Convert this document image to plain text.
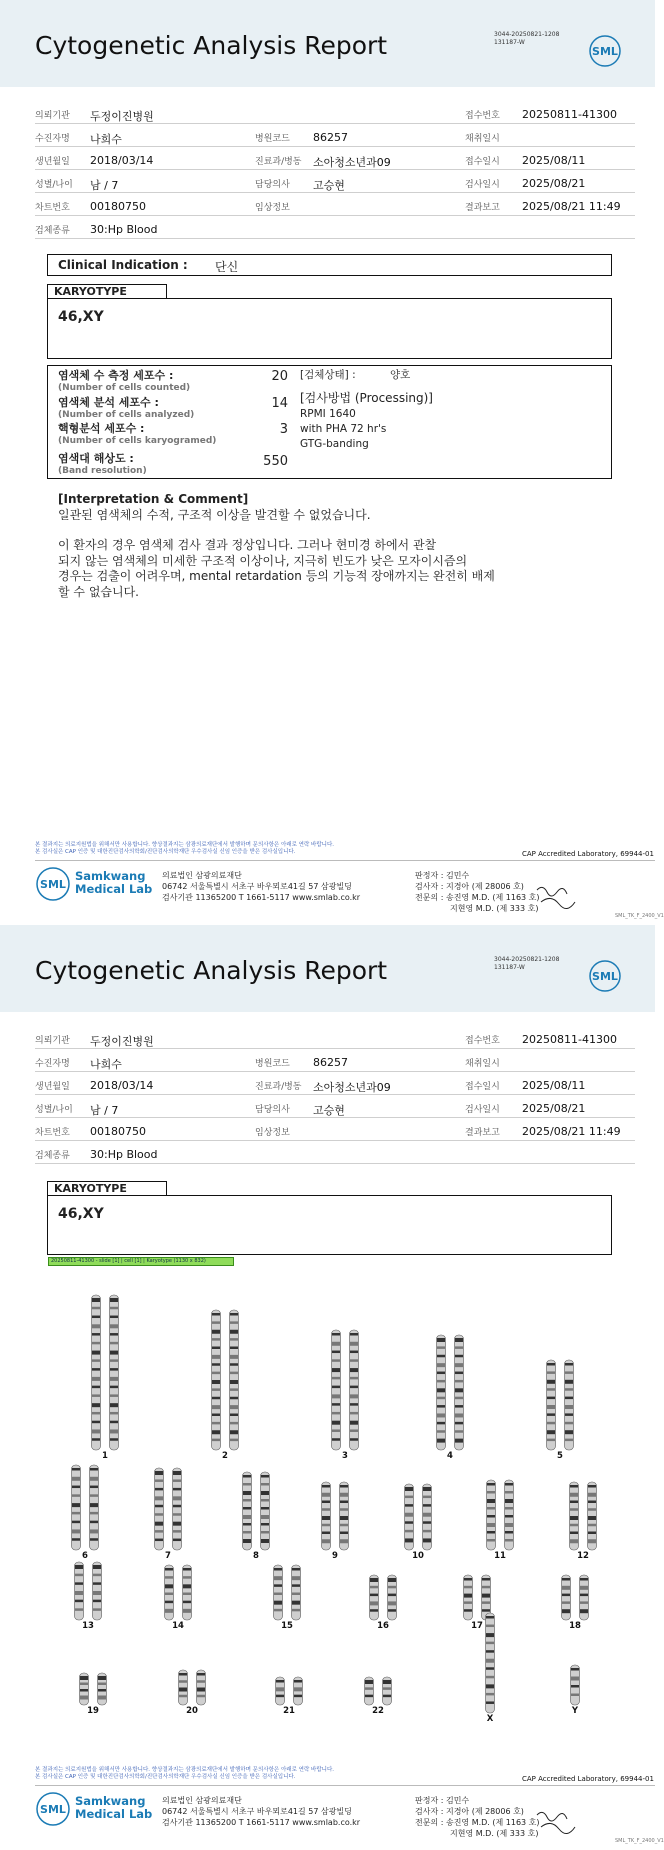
Cytogenetic Analysis Report	3044-20250821-1208
131187-W
SML
의뢰기관 두정이진병원	접수번호 20250811-41300
수진자명 나희수	병원코드 86257	채취일시
생년월일 2018/03/14	진료과/병동 소아청소년과09	접수일시 2025/08/11
성별/나이 남 / 7	담당의사 고승현	검사일시 2025/08/21
차트번호 00180750	임상정보	결과보고 2025/08/21 11:49
검체종류 30:Hp Blood
Clinical Indication : 단신
KARYOTYPE
46,XY
염색체 수 측정 세포수 :
(Number of cells counted)
20
염색체 분석 세포수 :
(Number of cells analyzed)
14
핵형분석 세포수 :
(Number of cells karyogramed)
3
염색대 해상도 :
(Band resolution)
550
[검체상태] :	양호
[검사방법 (Processing)]
RPMI 1640
with PHA 72 hr's
GTG-banding
[Interpretation & Comment]
일관된 염색체의 수적, 구조적 이상을 발견할 수 없었습니다.
이 환자의 경우 염색체 검사 결과 정상입니다. 그러나 현미경 하에서 관찰
되지 않는 염색체의 미세한 구조적 이상이나, 지극히 빈도가 낮은 모자이시즘의
경우는 검출이 어려우며, mental retardation 등의 기능적 장애까지는 완전히 배제
할 수 없습니다.
본 결과지는 의료지원법을 위해서만 사용합니다. 향상결과지는 삼광의료재단에서 발행하며 문의사항은 아래로 연락 바랍니다.
본 검사실은 CAP 인증 및 대한진단검사의학회/진단검사의학재단 우수검사실 신임 인증을 받은 검사실입니다.	CAP Accredited Laboratory, 69944-01
SML
Samkwang
Medical Lab
의료법인 삼광의료재단
06742 서울특별시 서초구 바우뫼로41길 57 삼광빌딩
검사기관 11365200 T 1661-5117 www.smlab.co.kr
판정자 : 김민수
검사자 : 지경아 (제 28006 호)
전문의 : 송진영 M.D. (제 1163 호)
지현영 M.D. (제 333 호)
SML_TK_F_2400_V1
Cytogenetic Analysis Report	3044-20250821-1208
131187-W
SML
의뢰기관 두정이진병원	접수번호 20250811-41300
수진자명 나희수	병원코드 86257	채취일시
생년월일 2018/03/14	진료과/병동 소아청소년과09	접수일시 2025/08/11
성별/나이 남 / 7	담당의사 고승현	검사일시 2025/08/21
차트번호 00180750	임상정보	결과보고 2025/08/21 11:49
검체종류 30:Hp Blood
KARYOTYPE
46,XY
본 결과지는 의료지원법을 위해서만 사용합니다. 향상결과지는 삼광의료재단에서 발행하며 문의사항은 아래로 연락 바랍니다.
본 검사실은 CAP 인증 및 대한진단검사의학회/진단검사의학재단 우수검사실 신임 인증을 받은 검사실입니다.	CAP Accredited Laboratory, 69944-01
SML
Samkwang
Medical Lab
의료법인 삼광의료재단
06742 서울특별시 서초구 바우뫼로41길 57 삼광빌딩
검사기관 11365200 T 1661-5117 www.smlab.co.kr
판정자 : 김민수
검사자 : 지경아 (제 28006 호)
전문의 : 송진영 M.D. (제 1163 호)
지현영 M.D. (제 333 호)
SML_TK_F_2400_V1
20250811-41300 - slide [1] | cell [1] | Karyotype (1130 x 832)
1	2	3	4	5
6	7	8	9	10	11	12
13	14	15	16	17	18
19	20	21	22
X
Y
